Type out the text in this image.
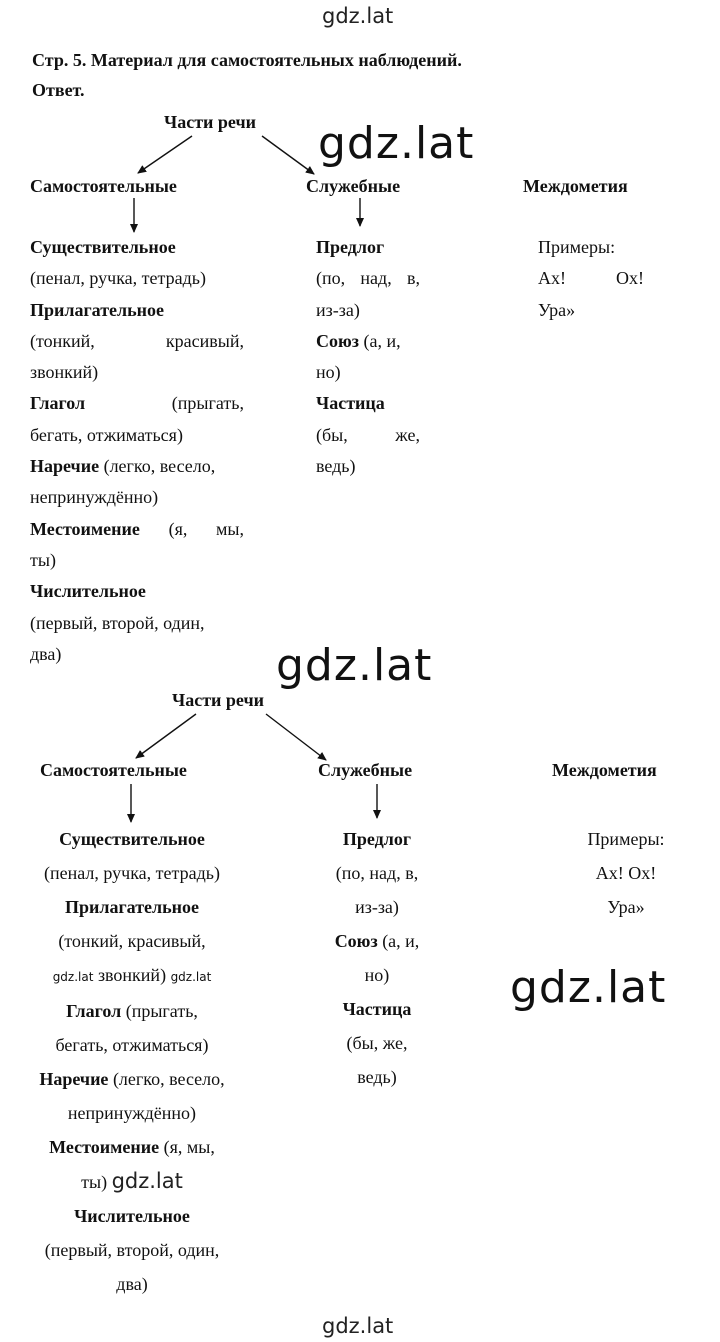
gdz.lat
Стр. 5. Материал для самостоятельных наблюдений.
Ответ.
gdz.lat
gdz.lat
gdz.lat
Части речи
Самостоятельные	Служебные	Междометия
Существительное
(пенал, ручка, тетрадь)
Прилагательное
(тонкий,	красивый,
звонкий)
Глагол	(прыгать,
бегать, отжиматься)
Наречие (легко, весело,
непринуждённо)
Местоимение (я, мы,
ты)
Числительное
(первый, второй, один,
два)
Предлог
(по, над, в,
из-за)
Союз (а, и,
но)
Частица
(бы,	же,
ведь)
Примеры:
Ах!	Ох!
Ура»
Части речи
Самостоятельные	Служебные	Междометия
Существительное
(пенал, ручка, тетрадь)
Прилагательное
(тонкий, красивый,
gdz.lat звонкий) gdz.lat
Глагол (прыгать,
бегать, отжиматься)
Наречие (легко, весело,
непринуждённо)
Местоимение (я, мы,
ты) gdz.lat
Числительное
(первый, второй, один,
два)
Предлог
(по, над, в,
из-за)
Союз (а, и,
но)
Частица
(бы, же,
ведь)
Примеры:
Ах! Ох!
Ура»
gdz.lat
